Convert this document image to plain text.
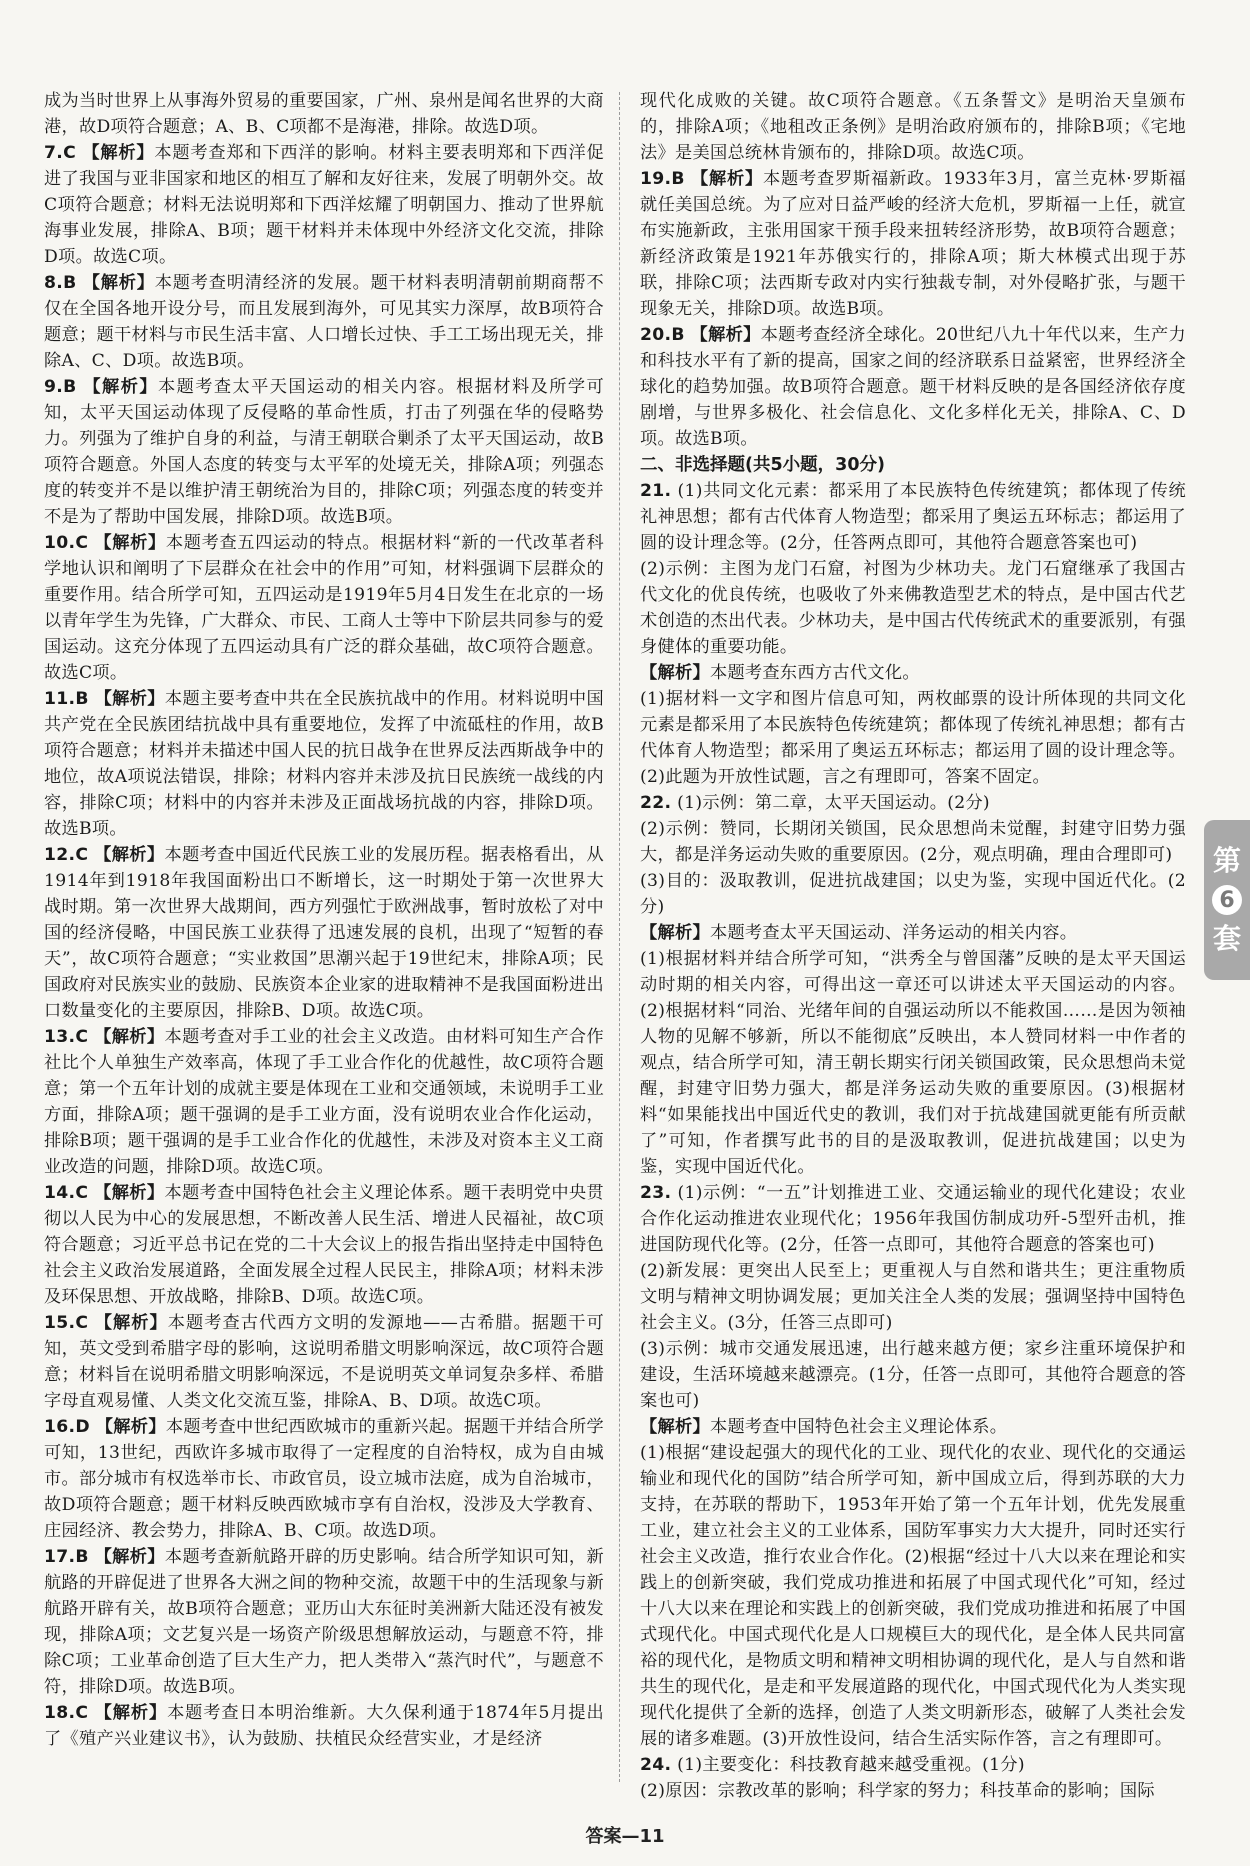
成为当时世界上从事海外贸易的重要国家，广州、泉州是闻名世界的大商港，故D项符合题意；A、B、C项都不是海港，排除。故选D项。

7.C 【解析】本题考查郑和下西洋的影响。材料主要表明郑和下西洋促进了我国与亚非国家和地区的相互了解和友好往来，发展了明朝外交。故C项符合题意；材料无法说明郑和下西洋炫耀了明朝国力、推动了世界航海事业发展，排除A、B项；题干材料并未体现中外经济文化交流，排除D项。故选C项。

8.B 【解析】本题考查明清经济的发展。题干材料表明清朝前期商帮不仅在全国各地开设分号，而且发展到海外，可见其实力深厚，故B项符合题意；题干材料与市民生活丰富、人口增长过快、手工工场出现无关，排除A、C、D项。故选B项。

9.B 【解析】本题考查太平天国运动的相关内容。根据材料及所学可知，太平天国运动体现了反侵略的革命性质，打击了列强在华的侵略势力。列强为了维护自身的利益，与清王朝联合剿杀了太平天国运动，故B项符合题意。外国人态度的转变与太平军的处境无关，排除A项；列强态度的转变并不是以维护清王朝统治为目的，排除C项；列强态度的转变并不是为了帮助中国发展，排除D项。故选B项。

10.C 【解析】本题考查五四运动的特点。根据材料“新的一代改革者科学地认识和阐明了下层群众在社会中的作用”可知，材料强调下层群众的重要作用。结合所学可知，五四运动是1919年5月4日发生在北京的一场以青年学生为先锋，广大群众、市民、工商人士等中下阶层共同参与的爱国运动。这充分体现了五四运动具有广泛的群众基础，故C项符合题意。故选C项。

11.B 【解析】本题主要考查中共在全民族抗战中的作用。材料说明中国共产党在全民族团结抗战中具有重要地位，发挥了中流砥柱的作用，故B项符合题意；材料并未描述中国人民的抗日战争在世界反法西斯战争中的地位，故A项说法错误，排除；材料内容并未涉及抗日民族统一战线的内容，排除C项；材料中的内容并未涉及正面战场抗战的内容，排除D项。故选B项。

12.C 【解析】本题考查中国近代民族工业的发展历程。据表格看出，从1914年到1918年我国面粉出口不断增长，这一时期处于第一次世界大战时期。第一次世界大战期间，西方列强忙于欧洲战事，暂时放松了对中国的经济侵略，中国民族工业获得了迅速发展的良机，出现了“短暂的春天”，故C项符合题意；“实业救国”思潮兴起于19世纪末，排除A项；民国政府对民族实业的鼓励、民族资本企业家的进取精神不是我国面粉进出口数量变化的主要原因，排除B、D项。故选C项。

13.C 【解析】本题考查对手工业的社会主义改造。由材料可知生产合作社比个人单独生产效率高，体现了手工业合作化的优越性，故C项符合题意；第一个五年计划的成就主要是体现在工业和交通领域，未说明手工业方面，排除A项；题干强调的是手工业方面，没有说明农业合作化运动，排除B项；题干强调的是手工业合作化的优越性，未涉及对资本主义工商业改造的问题，排除D项。故选C项。

14.C 【解析】本题考查中国特色社会主义理论体系。题干表明党中央贯彻以人民为中心的发展思想，不断改善人民生活、增进人民福祉，故C项符合题意；习近平总书记在党的二十大会议上的报告指出坚持走中国特色社会主义政治发展道路，全面发展全过程人民民主，排除A项；材料未涉及环保思想、开放战略，排除B、D项。故选C项。

15.C 【解析】本题考查古代西方文明的发源地——古希腊。据题干可知，英文受到希腊字母的影响，这说明希腊文明影响深远，故C项符合题意；材料旨在说明希腊文明影响深远，不是说明英文单词复杂多样、希腊字母直观易懂、人类文化交流互鉴，排除A、B、D项。故选C项。

16.D 【解析】本题考查中世纪西欧城市的重新兴起。据题干并结合所学可知，13世纪，西欧许多城市取得了一定程度的自治特权，成为自由城市。部分城市有权选举市长、市政官员，设立城市法庭，成为自治城市，故D项符合题意；题干材料反映西欧城市享有自治权，没涉及大学教育、庄园经济、教会势力，排除A、B、C项。故选D项。

17.B 【解析】本题考查新航路开辟的历史影响。结合所学知识可知，新航路的开辟促进了世界各大洲之间的物种交流，故题干中的生活现象与新航路开辟有关，故B项符合题意；亚历山大东征时美洲新大陆还没有被发现，排除A项；文艺复兴是一场资产阶级思想解放运动，与题意不符，排除C项；工业革命创造了巨大生产力，把人类带入“蒸汽时代”，与题意不符，排除D项。故选B项。

18.C 【解析】本题考查日本明治维新。大久保利通于1874年5月提出了《殖产兴业建议书》，认为鼓励、扶植民众经营实业，才是经济

现代化成败的关键。故C项符合题意。《五条誓文》是明治天皇颁布的，排除A项；《地租改正条例》是明治政府颁布的，排除B项；《宅地法》是美国总统林肯颁布的，排除D项。故选C项。

19.B 【解析】本题考查罗斯福新政。1933年3月，富兰克林·罗斯福就任美国总统。为了应对日益严峻的经济大危机，罗斯福一上任，就宣布实施新政，主张用国家干预手段来扭转经济形势，故B项符合题意；新经济政策是1921年苏俄实行的，排除A项；斯大林模式出现于苏联，排除C项；法西斯专政对内实行独裁专制，对外侵略扩张，与题干现象无关，排除D项。故选B项。

20.B 【解析】本题考查经济全球化。20世纪八九十年代以来，生产力和科技水平有了新的提高，国家之间的经济联系日益紧密，世界经济全球化的趋势加强。故B项符合题意。题干材料反映的是各国经济依存度剧增，与世界多极化、社会信息化、文化多样化无关，排除A、C、D项。故选B项。

二、非选择题(共5小题，30分)

21. (1)共同文化元素：都采用了本民族特色传统建筑；都体现了传统礼神思想；都有古代体育人物造型；都采用了奥运五环标志；都运用了圆的设计理念等。(2分，任答两点即可，其他符合题意答案也可)

(2)示例：主图为龙门石窟，衬图为少林功夫。龙门石窟继承了我国古代文化的优良传统，也吸收了外来佛教造型艺术的特点，是中国古代艺术创造的杰出代表。少林功夫，是中国古代传统武术的重要派别，有强身健体的重要功能。

【解析】本题考查东西方古代文化。

(1)据材料一文字和图片信息可知，两枚邮票的设计所体现的共同文化元素是都采用了本民族特色传统建筑；都体现了传统礼神思想；都有古代体育人物造型；都采用了奥运五环标志；都运用了圆的设计理念等。(2)此题为开放性试题，言之有理即可，答案不固定。

22. (1)示例：第二章，太平天国运动。(2分)

(2)示例：赞同，长期闭关锁国，民众思想尚未觉醒，封建守旧势力强大，都是洋务运动失败的重要原因。(2分，观点明确，理由合理即可)

(3)目的：汲取教训，促进抗战建国；以史为鉴，实现中国近代化。(2分)

【解析】本题考查太平天国运动、洋务运动的相关内容。

(1)根据材料并结合所学可知，“洪秀全与曾国藩”反映的是太平天国运动时期的相关内容，可得出这一章还可以讲述太平天国运动的内容。(2)根据材料“同治、光绪年间的自强运动所以不能救国……是因为领袖人物的见解不够新，所以不能彻底”反映出，本人赞同材料一中作者的观点，结合所学可知，清王朝长期实行闭关锁国政策，民众思想尚未觉醒，封建守旧势力强大，都是洋务运动失败的重要原因。(3)根据材料“如果能找出中国近代史的教训，我们对于抗战建国就更能有所贡献了”可知，作者撰写此书的目的是汲取教训，促进抗战建国；以史为鉴，实现中国近代化。

23. (1)示例：“一五”计划推进工业、交通运输业的现代化建设；农业合作化运动推进农业现代化；1956年我国仿制成功歼-5型歼击机，推进国防现代化等。(2分，任答一点即可，其他符合题意的答案也可)

(2)新发展：更突出人民至上；更重视人与自然和谐共生；更注重物质文明与精神文明协调发展；更加关注全人类的发展；强调坚持中国特色社会主义。(3分，任答三点即可)

(3)示例：城市交通发展迅速，出行越来越方便；家乡注重环境保护和建设，生活环境越来越漂亮。(1分，任答一点即可，其他符合题意的答案也可)

【解析】本题考查中国特色社会主义理论体系。

(1)根据“建设起强大的现代化的工业、现代化的农业、现代化的交通运输业和现代化的国防”结合所学可知，新中国成立后，得到苏联的大力支持，在苏联的帮助下，1953年开始了第一个五年计划，优先发展重工业，建立社会主义的工业体系，国防军事实力大大提升，同时还实行社会主义改造，推行农业合作化。(2)根据“经过十八大以来在理论和实践上的创新突破，我们党成功推进和拓展了中国式现代化”可知，经过十八大以来在理论和实践上的创新突破，我们党成功推进和拓展了中国式现代化。中国式现代化是人口规模巨大的现代化，是全体人民共同富裕的现代化，是物质文明和精神文明相协调的现代化，是人与自然和谐共生的现代化，是走和平发展道路的现代化，中国式现代化为人类实现现代化提供了全新的选择，创造了人类文明新形态，破解了人类社会发展的诸多难题。(3)开放性设问，结合生活实际作答，言之有理即可。

24. (1)主要变化：科技教育越来越受重视。(1分)

(2)原因：宗教改革的影响；科学家的努力；科技革命的影响；国际

第
6
套
答案—11
